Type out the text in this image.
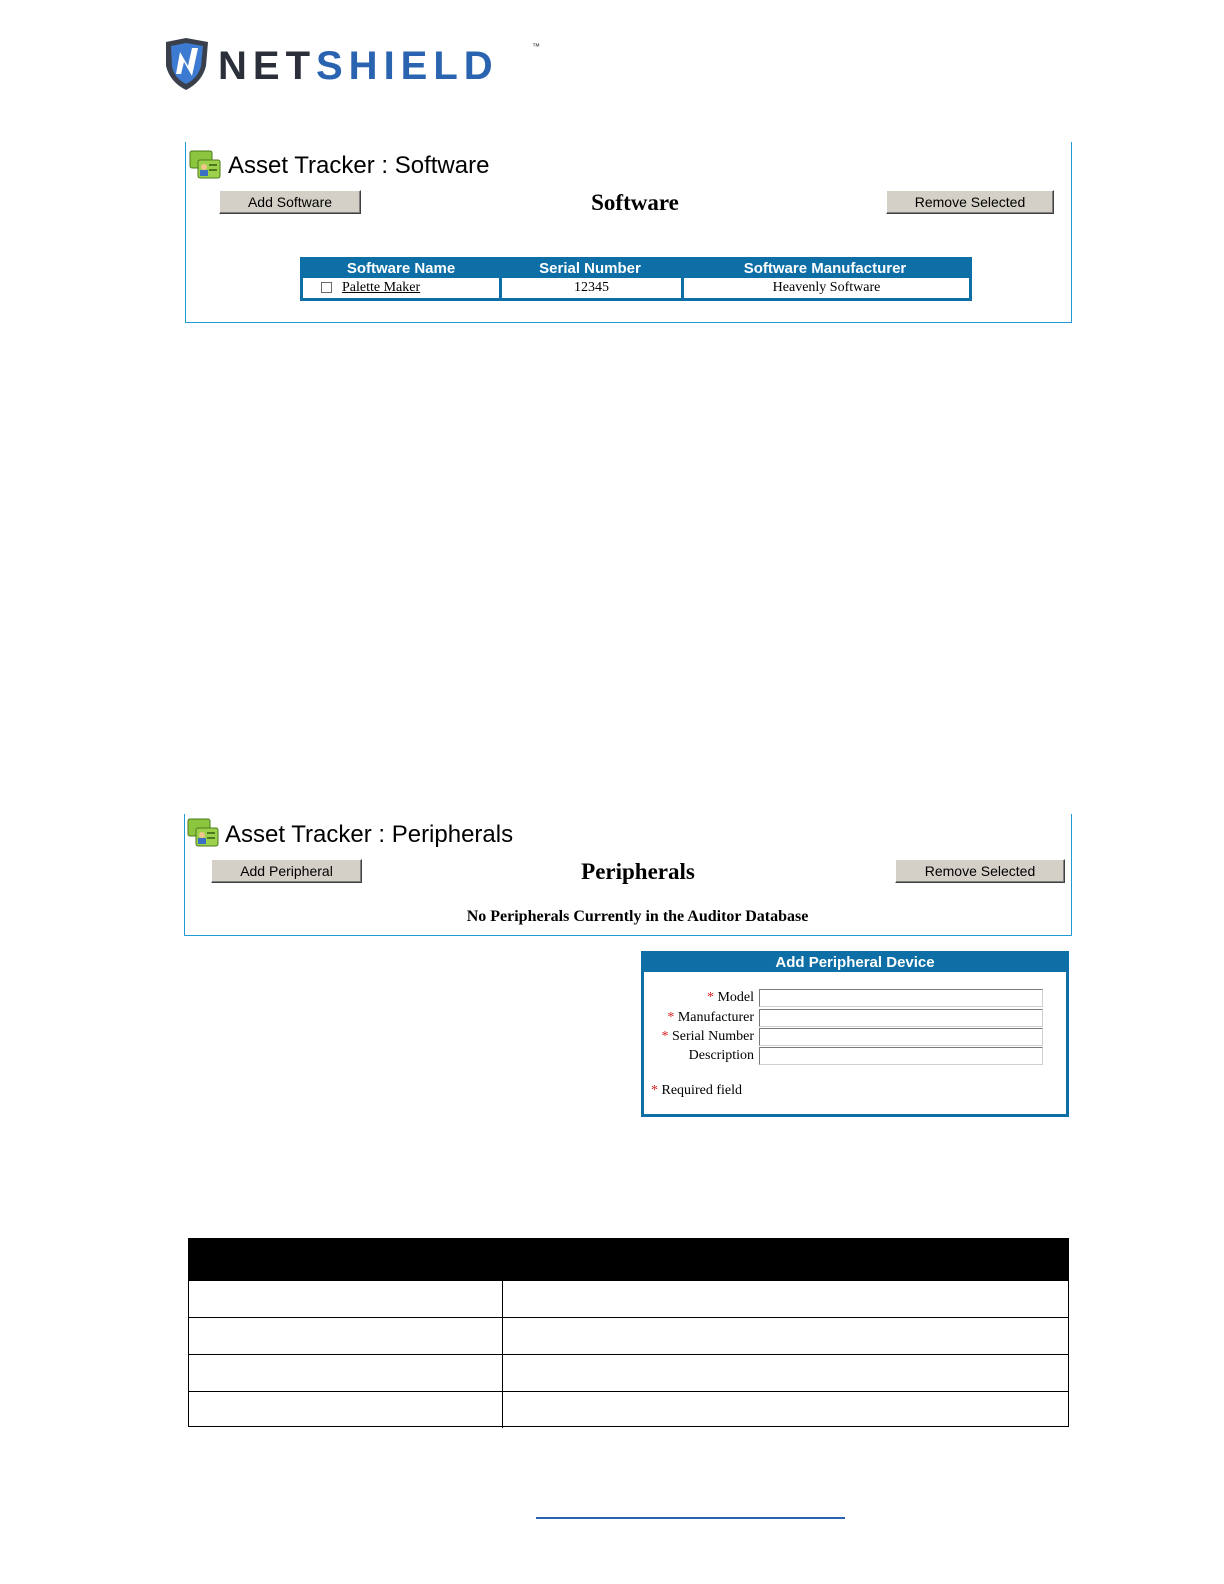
NETSHIELD	™
Asset Tracker : Software
Add Software	Software	Remove Selected
Software Name	Serial Number	Software Manufacturer
Palette Maker	12345	Heavenly Software
Asset Tracker : Peripherals
Add Peripheral	Peripherals	Remove Selected
No Peripherals Currently in the Auditor Database
Add Peripheral Device
* Model
* Manufacturer
* Serial Number
Description
* Required field
